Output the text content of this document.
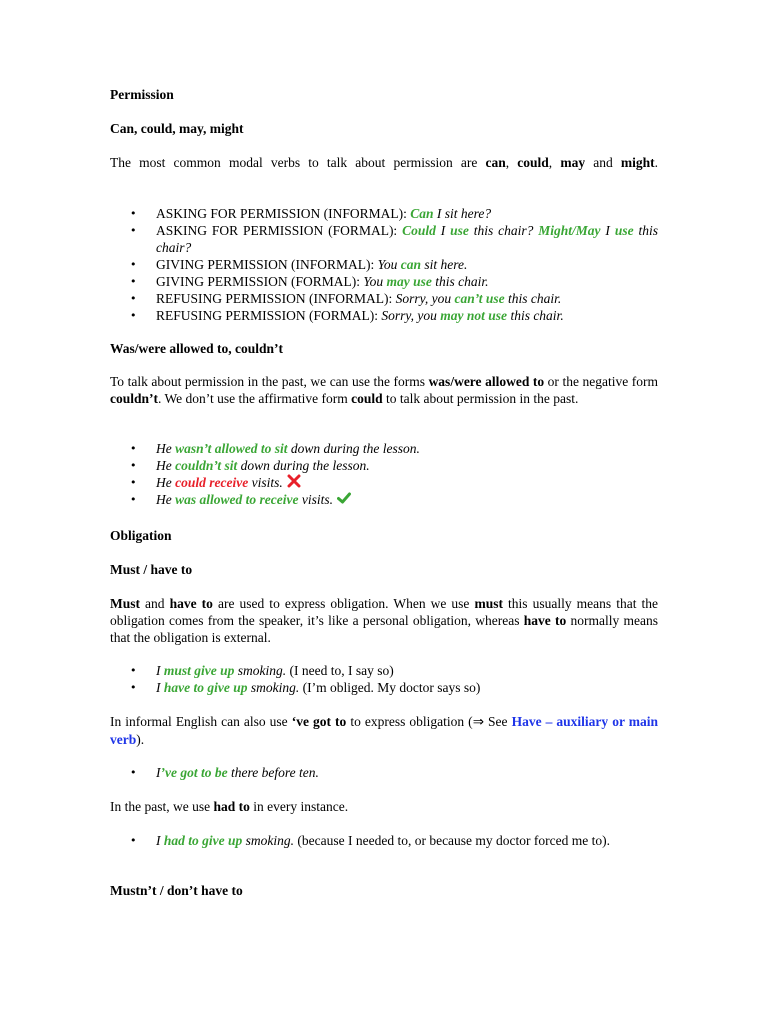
Permission

Can, could, may, might

The most common modal verbs to talk about permission are can, could, may and might.

• ASKING FOR PERMISSION (INFORMAL): Can I sit here?
• ASKING FOR PERMISSION (FORMAL): Could I use this chair? Might/May I use this chair?
• GIVING PERMISSION (INFORMAL): You can sit here.
• GIVING PERMISSION (FORMAL): You may use this chair.
• REFUSING PERMISSION (INFORMAL): Sorry, you can’t use this chair.
• REFUSING PERMISSION (FORMAL): Sorry, you may not use this chair.

Was/were allowed to, couldn’t

To talk about permission in the past, we can use the forms was/were allowed to or the negative form couldn’t. We don’t use the affirmative form could to talk about permission in the past.

• He wasn’t allowed to sit down during the lesson.
• He couldn’t sit down during the lesson.
• He could receive visits.
• He was allowed to receive visits.

Obligation

Must / have to

Must and have to are used to express obligation. When we use must this usually means that the obligation comes from the speaker, it’s like a personal obligation, whereas have to normally means that the obligation is external.

• I must give up smoking. (I need to, I say so)
• I have to give up smoking. (I’m obliged. My doctor says so)

In informal English can also use ‘ve got to to express obligation (⇒ See Have – auxiliary or main verb).

• I’ve got to be there before ten.

In the past, we use had to in every instance.

• I had to give up smoking. (because I needed to, or because my doctor forced me to).

Mustn’t / don’t have to
